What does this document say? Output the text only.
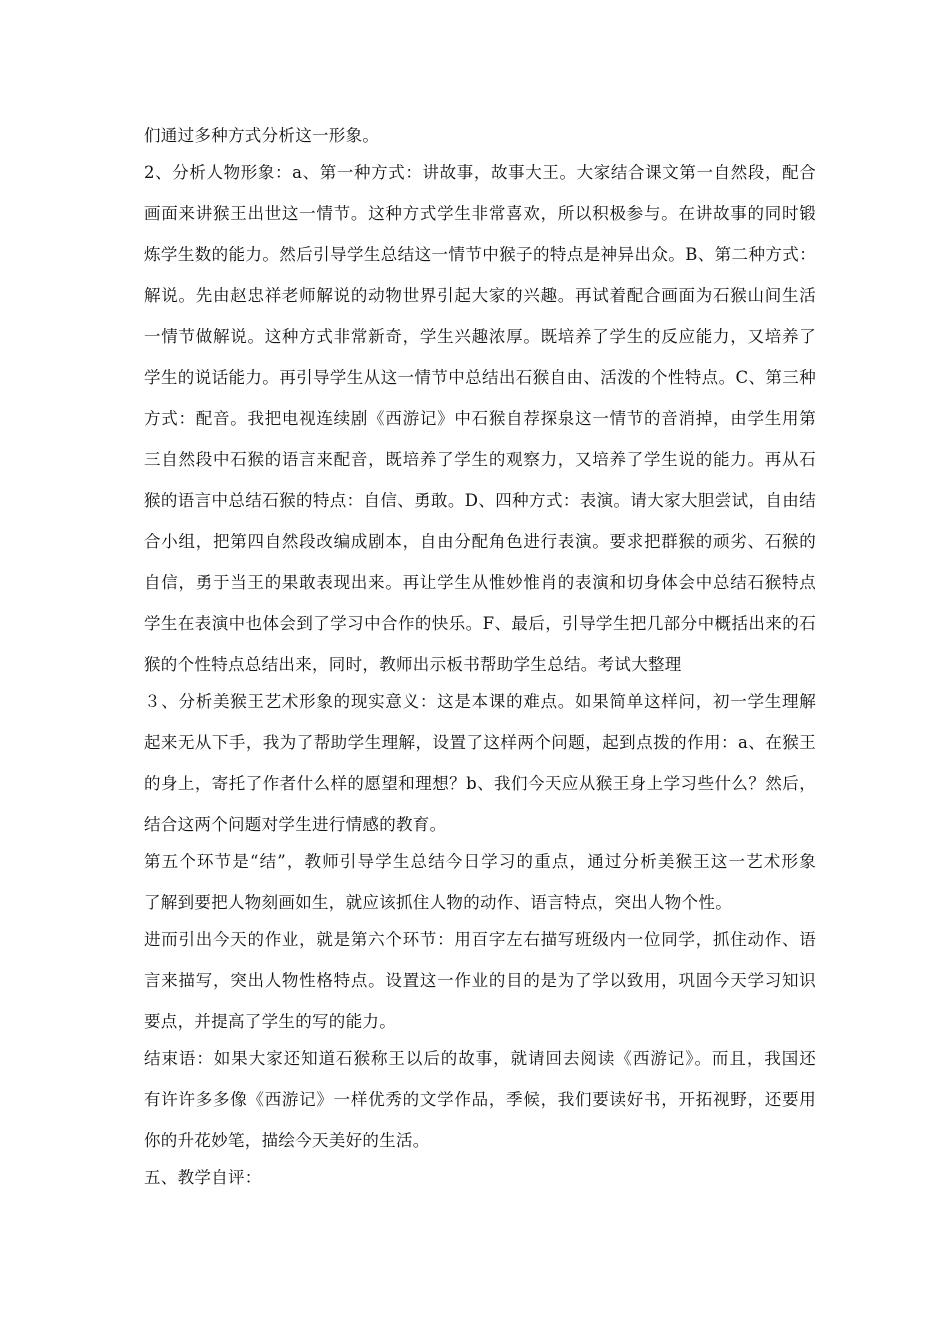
们通过多种方式分析这一形象。
2、分析人物形象：a、第一种方式：讲故事，故事大王。大家结合课文第一自然段，配合
画面来讲猴王出世这一情节。这种方式学生非常喜欢，所以积极参与。在讲故事的同时锻
炼学生数的能力。然后引导学生总结这一情节中猴子的特点是神异出众。B、第二种方式：
解说。先由赵忠祥老师解说的动物世界引起大家的兴趣。再试着配合画面为石猴山间生活
一情节做解说。这种方式非常新奇，学生兴趣浓厚。既培养了学生的反应能力，又培养了
学生的说话能力。再引导学生从这一情节中总结出石猴自由、活泼的个性特点。C、第三种
方式：配音。我把电视连续剧《西游记》中石猴自荐探泉这一情节的音消掉，由学生用第
三自然段中石猴的语言来配音，既培养了学生的观察力，又培养了学生说的能力。再从石
猴的语言中总结石猴的特点：自信、勇敢。D、四种方式：表演。请大家大胆尝试，自由结
合小组，把第四自然段改编成剧本，自由分配角色进行表演。要求把群猴的顽劣、石猴的
自信，勇于当王的果敢表现出来。再让学生从惟妙惟肖的表演和切身体会中总结石猴特点
学生在表演中也体会到了学习中合作的快乐。F、最后，引导学生把几部分中概括出来的石
猴的个性特点总结出来，同时，教师出示板书帮助学生总结。考试大整理
３、分析美猴王艺术形象的现实意义：这是本课的难点。如果简单这样问，初一学生理解
起来无从下手，我为了帮助学生理解，设置了这样两个问题，起到点拨的作用：a、在猴王
的身上，寄托了作者什么样的愿望和理想？b、我们今天应从猴王身上学习些什么？然后，
结合这两个问题对学生进行情感的教育。
第五个环节是“结”，教师引导学生总结今日学习的重点，通过分析美猴王这一艺术形象
了解到要把人物刻画如生，就应该抓住人物的动作、语言特点，突出人物个性。
进而引出今天的作业，就是第六个环节：用百字左右描写班级内一位同学，抓住动作、语
言来描写，突出人物性格特点。设置这一作业的目的是为了学以致用，巩固今天学习知识
要点，并提高了学生的写的能力。
结束语：如果大家还知道石猴称王以后的故事，就请回去阅读《西游记》。而且，我国还
有许许多多像《西游记》一样优秀的文学作品，季候，我们要读好书，开拓视野，还要用
你的升花妙笔，描绘今天美好的生活。
五、教学自评：
